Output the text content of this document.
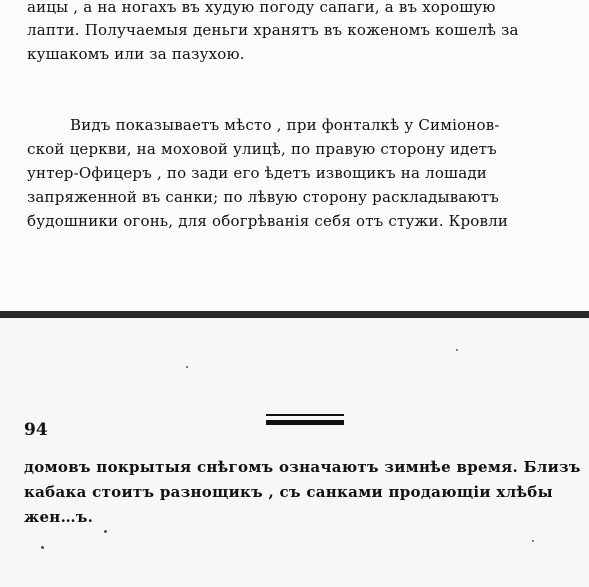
аицы , а на ногахъ въ худую погоду сапаги, а въ хорошую
лапти. Получаемыя деньги хранятъ въ коженомъ кошелѣ за
кушакомъ или за пазухою.
Видъ показываетъ мѣсто , при фонталкѣ у Симіонов-
ской церкви, на моховой улицѣ, по правую сторону идетъ
унтер-Офицеръ , по зади его ѣдетъ извощикъ на лошади
запряженной въ санки; по лѣвую сторону раскладываютъ
будошники огонь, для обогрѣванія себя отъ стужи. Кровли
94
домовъ покрытыя снѣгомъ означаютъ зимнѣе время. Близъ
кабака стоитъ разнощикъ , съ санками продающіи хлѣбы
жен…ъ.
